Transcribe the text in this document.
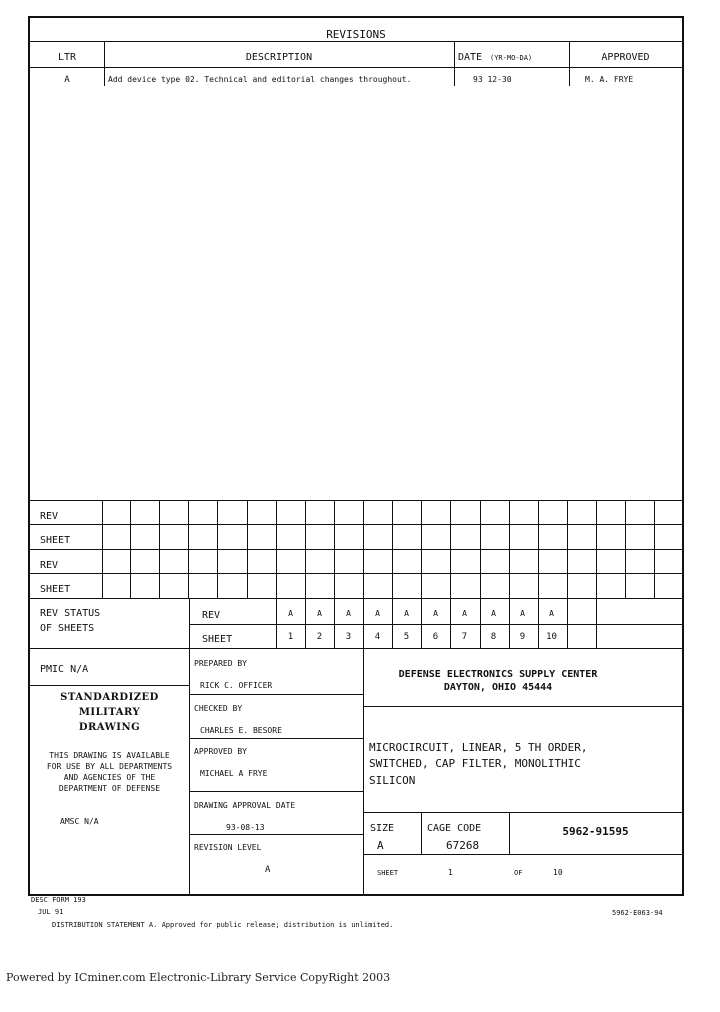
REVISIONS
LTR	DESCRIPTION	DATE (YR-MO-DA)	APPROVED
A	Add device type 02. Technical and editorial changes throughout.	93 12-30	M. A. FRYE
REV
SHEET
REV
SHEET
REV STATUS
OF SHEETS
REV
SHEET
A	A	A	A	A	A	A	A	A	A
1	2	3	4	5	6	7	8	9	10
PMIC N/A
STANDARDIZED
MILITARY
DRAWING
THIS DRAWING IS AVAILABLE
FOR USE BY ALL DEPARTMENTS
AND AGENCIES OF THE
DEPARTMENT OF DEFENSE
AMSC N/A
PREPARED BY
RICK C. OFFICER
CHECKED BY
CHARLES E. BESORE
APPROVED BY
MICHAEL A FRYE
DRAWING APPROVAL DATE
93-08-13
REVISION LEVEL
A
DEFENSE ELECTRONICS SUPPLY CENTER
DAYTON, OHIO 45444
MICROCIRCUIT, LINEAR, 5 TH ORDER,
SWITCHED, CAP FILTER, MONOLITHIC
SILICON
SIZE
A
CAGE CODE
67268
5962-91595
SHEET	1	OF	10
DESC FORM 193
JUL 91
DISTRIBUTION STATEMENT A. Approved for public release; distribution is unlimited.
5962-E063-94
Powered by ICminer.com Electronic-Library Service CopyRight 2003
